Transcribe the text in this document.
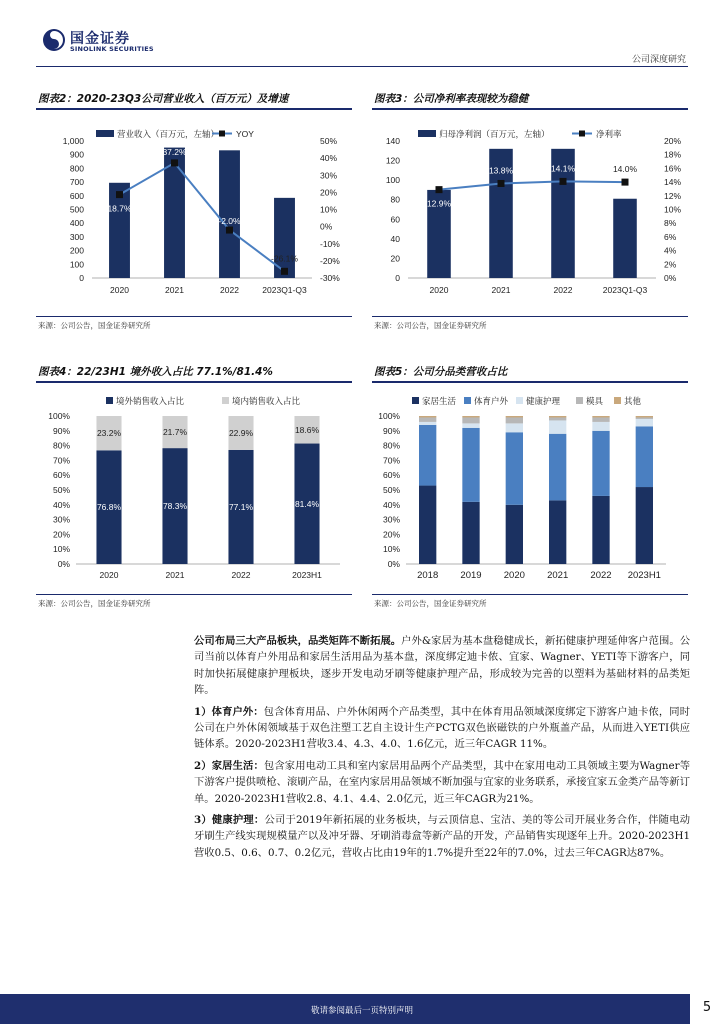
国金证券
SINOLINK SECURITIES
公司深度研究
图表2：2020-23Q3公司营业收入（百万元）及增速
营业收入（百万元，左轴） YOY
0
100
200
300
400
500
600
700
800
900
1,000
-30%
-20%
-10%
0%
10%
20%
30%
40%
50%
2020	2021	2022	2023Q1-Q3
18.7%
37.2%
-2.0%
-26.1%
来源：公司公告，国金证券研究所
图表3：公司净利率表现较为稳健
归母净利润（百万元，左轴）	净利率
0
20
40
60
80
100
120
140
0%
2%
4%
6%
8%
10%
12%
14%
16%
18%
20%
2020	2021	2022	2023Q1-Q3
12.9%
13.8%	14.1%	14.0%
来源：公司公告，国金证券研究所
图表4：22/23H1 境外收入占比 77.1%/81.4%
境外销售收入占比	境内销售收入占比
0%
10%
20%
30%
40%
50%
60%
70%
80%
90%
100%
76.8%
23.2%
2020
78.3%
21.7%
2021
77.1%
22.9%
2022
81.4%
18.6%
2023H1
来源：公司公告，国金证券研究所
图表5：公司分品类营收占比
家居生活 体育户外 健康护理	模具 其他
0%
10%
20%
30%
40%
50%
60%
70%
80%
90%
100%
2018 2019 2020 2021 2022 2023H1
来源：公司公告，国金证券研究所

公司布局三大产品板块，品类矩阵不断拓展。户外&家居为基本盘稳健成长，新拓健康护理延伸客户范围。公司当前以体育户外用品和家居生活用品为基本盘，深度绑定迪卡侬、宜家、Wagner、YETI等下游客户，同时加快拓展健康护理板块，逐步开发电动牙刷等健康护理产品，形成较为完善的以塑料为基础材料的品类矩阵。

1）体育户外：包含体育用品、户外休闲两个产品类型，其中在体育用品领域深度绑定下游客户迪卡侬，同时公司在户外休闲领域基于双色注塑工艺自主设计生产PCTG双色嵌磁铁的户外瓶盖产品，从而进入YETI供应链体系。2020-2023H1营收3.4、4.3、4.0、1.6亿元，近三年CAGR 11%。

2）家居生活：包含家用电动工具和室内家居用品两个产品类型，其中在家用电动工具领域主要为Wagner等下游客户提供喷枪、滚刷产品，在室内家居用品领域不断加强与宜家的业务联系，承接宜家五金类产品等新订单。2020-2023H1营收2.8、4.1、4.4、2.0亿元，近三年CAGR为21%。

3）健康护理：公司于2019年新拓展的业务板块，与云顶信息、宝洁、美的等公司开展业务合作，伴随电动牙刷生产线实现规模量产以及冲牙器、牙刷消毒盒等新产品的开发，产品销售实现逐年上升。2020-2023H1营收0.5、0.6、0.7、0.2亿元，营收占比由19年的1.7%提升至22年的7.0%，过去三年CAGR达87%。

敬请参阅最后一页特别声明	5
